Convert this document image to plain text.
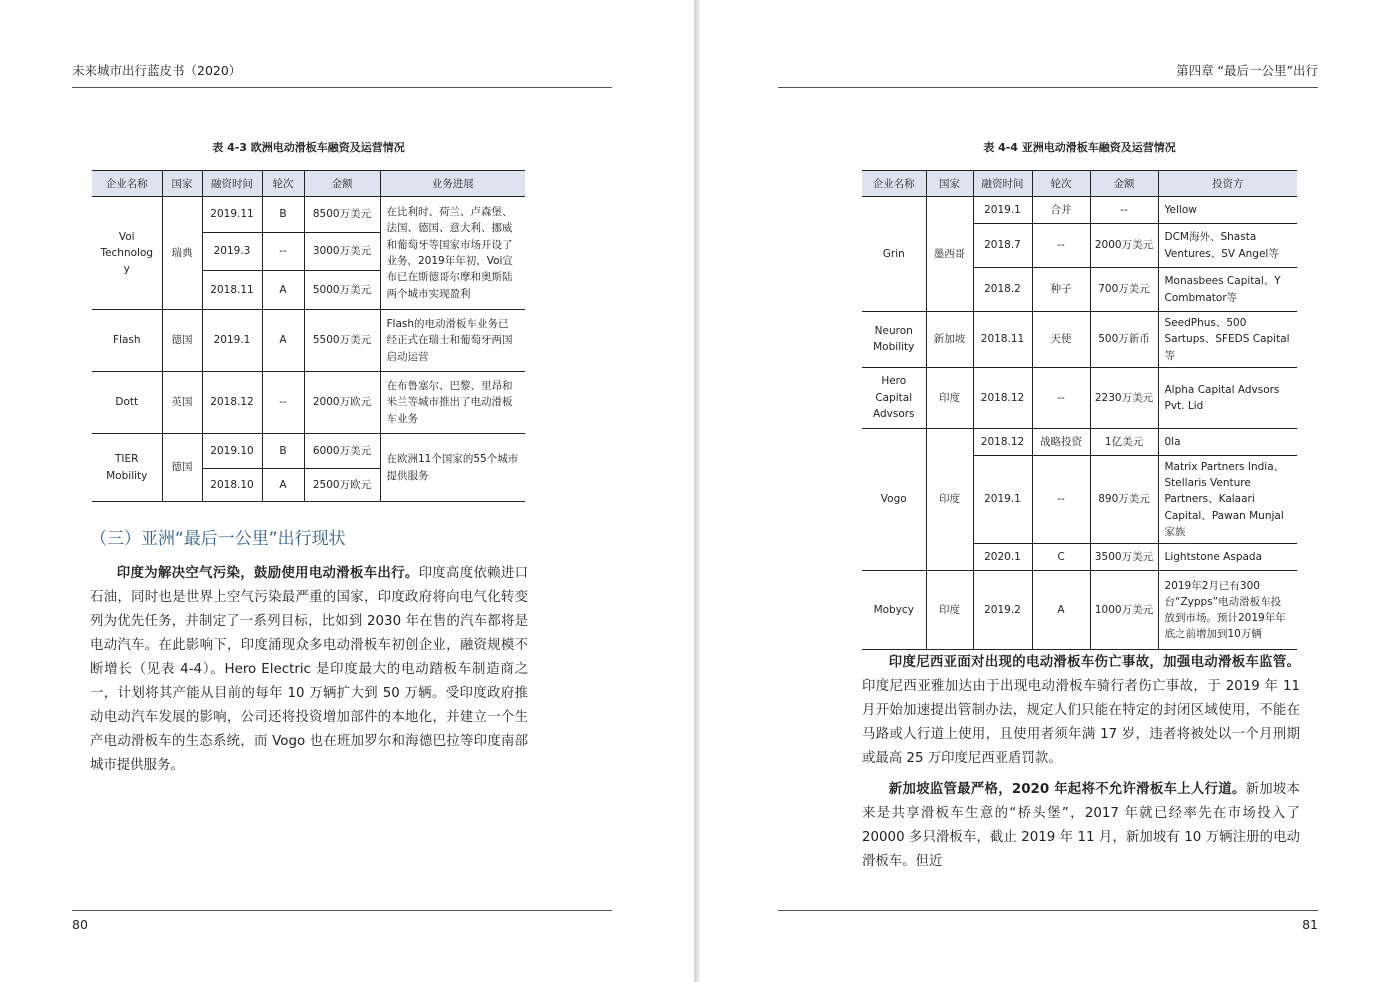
未来城市出行蓝皮书（2020）
表 4-3 欧洲电动滑板车融资及运营情况
企业名称	国家	融资时间	轮次	金额	业务进展
Voi
Technolog
y	瑞典	2019.11	B	8500万美元	在比利时、荷兰、卢森堡、法国、德国、意大利、挪威和葡萄牙等国家市场开设了业务，2019年年初，Voi宣布已在斯德哥尔摩和奥斯陆两个城市实现盈利
		2019.3	--	3000万美元	
		2018.11	A	5000万美元	
Flash	德国	2019.1	A	5500万美元	Flash的电动滑板车业务已经正式在瑞士和葡萄牙两国启动运营
Dott	英国	2018.12	--	2000万欧元	在布鲁塞尔、巴黎、里昂和米兰等城市推出了电动滑板车业务
TIER
Mobility	德国	2019.10	B	6000万美元	在欧洲11个国家的55个城市提供服务
		2018.10	A	2500万欧元	
（三）亚洲“最后一公里”出行现状

印度为解决空气污染，鼓励使用电动滑板车出行。印度高度依赖进口石油，同时也是世界上空气污染最严重的国家，印度政府将向电气化转变列为优先任务，并制定了一系列目标，比如到 2030 年在售的汽车都将是电动汽车。在此影响下，印度涌现众多电动滑板车初创企业，融资规模不断增长（见表 4-4）。Hero Electric 是印度最大的电动踏板车制造商之一，计划将其产能从目前的每年 10 万辆扩大到 50 万辆。受印度政府推动电动汽车发展的影响，公司还将投资增加部件的本地化，并建立一个生产电动滑板车的生态系统，而 Vogo 也在班加罗尔和海德巴拉等印度南部城市提供服务。

80
第四章 “最后一公里”出行
表 4-4 亚洲电动滑板车融资及运营情况
企业名称	国家	融资时间	轮次	金额	投资方
Grin	墨西哥	2019.1	合并	--	Yellow
		2018.7	--	2000万美元	DCM海外、Shasta Ventures、SV Angel等
		2018.2	种子	700万美元	Monasbees Capital、Y Combmator等
Neuron
Mobility	新加坡	2018.11	天使	500万新币	SeedPhus、500 Sartups、SFEDS Capital等
Hero
Capital
Advsors	印度	2018.12	--	2230万美元	Alpha Capital Advsors Pvt. Lid
Vogo	印度	2018.12	战略投资	1亿美元	0la
		2019.1	--	890万美元	Matrix Partners India、Stellaris Venture Partners、Kalaari Capital、Pawan Munjal家族
		2020.1	C	3500万美元	Lightstone Aspada
Mobycy	印度	2019.2	A	1000万美元	2019年2月已有300台“Zypps”电动滑板车投放到市场。预计2019年年底之前增加到10万辆

印度尼西亚面对出现的电动滑板车伤亡事故，加强电动滑板车监管。印度尼西亚雅加达由于出现电动滑板车骑行者伤亡事故，于 2019 年 11 月开始加速提出管制办法，规定人们只能在特定的封闭区域使用，不能在马路或人行道上使用，且使用者须年满 17 岁，违者将被处以一个月刑期或最高 25 万印度尼西亚盾罚款。

新加坡监管最严格，2020 年起将不允许滑板车上人行道。新加坡本来是共享滑板车生意的“桥头堡”，2017 年就已经率先在市场投入了 20000 多只滑板车，截止 2019 年 11 月，新加坡有 10 万辆注册的电动滑板车。但近

81
